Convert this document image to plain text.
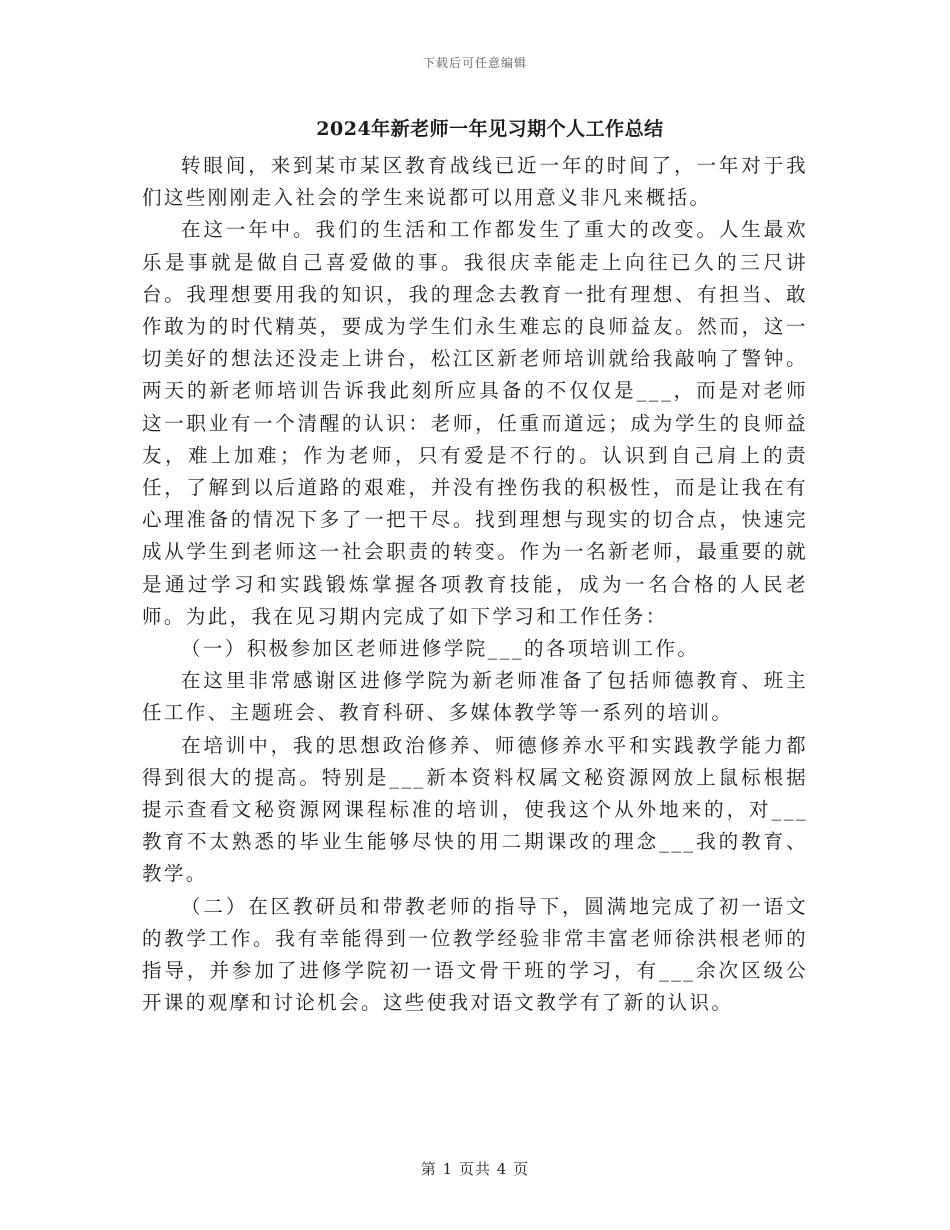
下载后可任意编辑
2024年新老师一年见习期个人工作总结

转眼间，来到某市某区教育战线已近一年的时间了，一年对于我们这些刚刚走入社会的学生来说都可以用意义非凡来概括。

在这一年中。我们的生活和工作都发生了重大的改变。人生最欢乐是事就是做自己喜爱做的事。我很庆幸能走上向往已久的三尺讲台。我理想要用我的知识，我的理念去教育一批有理想、有担当、敢作敢为的时代精英，要成为学生们永生难忘的良师益友。然而，这一切美好的想法还没走上讲台，松江区新老师培训就给我敲响了警钟。两天的新老师培训告诉我此刻所应具备的不仅仅是___，而是对老师这一职业有一个清醒的认识：老师，任重而道远；成为学生的良师益友，难上加难；作为老师，只有爱是不行的。认识到自己肩上的责任，了解到以后道路的艰难，并没有挫伤我的积极性，而是让我在有心理准备的情况下多了一把干尽。找到理想与现实的切合点，快速完成从学生到老师这一社会职责的转变。作为一名新老师，最重要的就是通过学习和实践锻炼掌握各项教育技能，成为一名合格的人民老师。为此，我在见习期内完成了如下学习和工作任务：

（一）积极参加区老师进修学院___的各项培训工作。

在这里非常感谢区进修学院为新老师准备了包括师德教育、班主任工作、主题班会、教育科研、多媒体教学等一系列的培训。

在培训中，我的思想政治修养、师德修养水平和实践教学能力都得到很大的提高。特别是___新本资料权属文秘资源网放上鼠标根据提示查看文秘资源网课程标准的培训，使我这个从外地来的，对___教育不太熟悉的毕业生能够尽快的用二期课改的理念___我的教育、教学。

（二）在区教研员和带教老师的指导下，圆满地完成了初一语文的教学工作。我有幸能得到一位教学经验非常丰富老师徐洪根老师的指导，并参加了进修学院初一语文骨干班的学习，有___余次区级公开课的观摩和讨论机会。这些使我对语文教学有了新的认识。

第 1 页共 4 页
